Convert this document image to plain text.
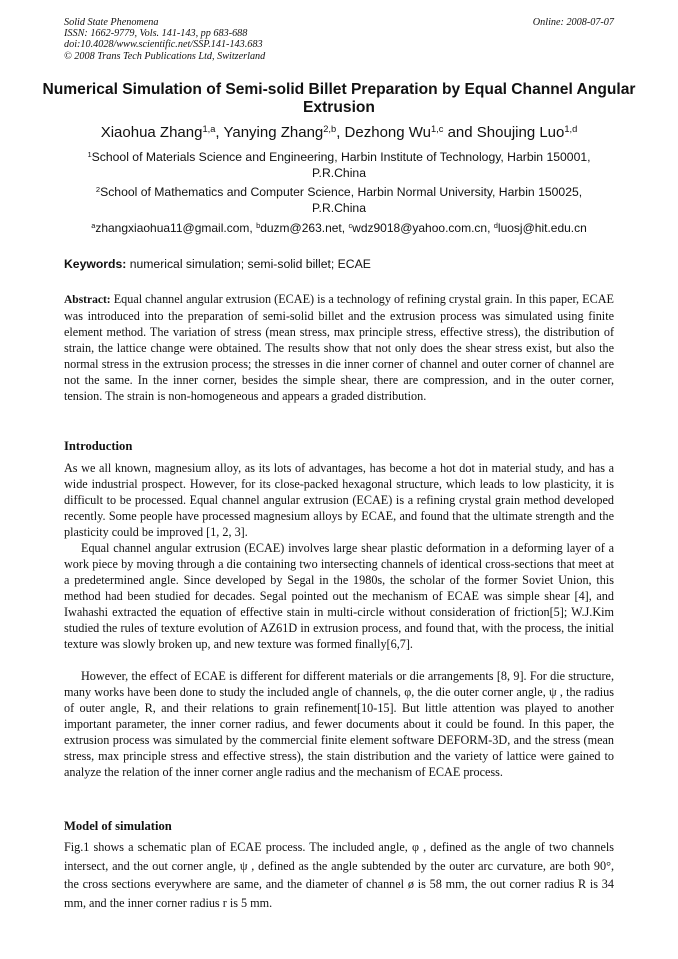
Solid State Phenomena
ISSN: 1662-9779, Vols. 141-143, pp 683-688
doi:10.4028/www.scientific.net/SSP.141-143.683
© 2008 Trans Tech Publications Ltd, Switzerland
Online: 2008-07-07
Numerical Simulation of Semi-solid Billet Preparation by Equal Channel Angular Extrusion
Xiaohua Zhang$^{1,a}$, Yanying Zhang$^{2,b}$, Dezhong Wu$^{1,c}$ and Shoujing Luo$^{1,d}$
$^1$School of Materials Science and Engineering, Harbin Institute of Technology, Harbin 150001, P.R.China
$^2$School of Mathematics and Computer Science, Harbin Normal University, Harbin 150025, P.R.China
$^a$zhangxiaohua11@gmail.com, $^b$duzm@263.net, $^c$wdz9018@yahoo.com.cn, $^d$luosj@hit.edu.cn
Keywords: numerical simulation; semi-solid billet; ECAE
Abstract: Equal channel angular extrusion (ECAE) is a technology of refining crystal grain. In this paper, ECAE was introduced into the preparation of semi-solid billet and the extrusion process was simulated using finite element method. The variation of stress (mean stress, max principle stress, effective stress), the distribution of strain, the lattice change were obtained. The results show that not only does the shear stress exist, but also the normal stress in the extrusion process; the stresses in die inner corner of channel and outer corner of channel are not the same. In the inner corner, besides the simple shear, there are compression, and in the outer corner, tension. The strain is non-homogeneous and appears a graded distribution.
Introduction
As we all known, magnesium alloy, as its lots of advantages, has become a hot dot in material study, and has a wide industrial prospect. However, for its close-packed hexagonal structure, which leads to low plasticity, it is difficult to be processed. Equal channel angular extrusion (ECAE) is a refining crystal grain method developed recently. Some people have processed magnesium alloys by ECAE, and found that the ultimate strength and the plasticity could be improved [1, 2, 3].
Equal channel angular extrusion (ECAE) involves large shear plastic deformation in a deforming layer of a work piece by moving through a die containing two intersecting channels of identical cross-sections that meet at a predetermined angle. Since developed by Segal in the 1980s, the scholar of the former Soviet Union, this method had been studied for decades. Segal pointed out the mechanism of ECAE was simple shear [4], and Iwahashi extracted the equation of effective stain in multi-circle without consideration of friction[5]; W.J.Kim studied the rules of texture evolution of AZ61D in extrusion process, and found that, with the process, the initial texture was slowly broken up, and new texture was formed finally[6,7].
However, the effect of ECAE is different for different materials or die arrangements [8, 9]. For die structure, many works have been done to study the included angle of channels, φ, the die outer corner angle, ψ , the radius of outer angle, R, and their relations to grain refinement[10-15]. But little attention was played to another important parameter, the inner corner radius, and fewer documents about it could be found. In this paper, the extrusion process was simulated by the commercial finite element software DEFORM-3D, and the stress (mean stress, max principle stress and effective stress), the stain distribution and the variety of lattice were gained to analyze the relation of the inner corner angle radius and the mechanism of ECAE process.
Model of simulation
Fig.1 shows a schematic plan of ECAE process. The included angle, φ , defined as the angle of two channels intersect, and the out corner angle, ψ , defined as the angle subtended by the outer arc curvature, are both 90°, the cross sections everywhere are same, and the diameter of channel ø is 58 mm, the out corner radius R is 34 mm, and the inner corner radius r is 5 mm.
